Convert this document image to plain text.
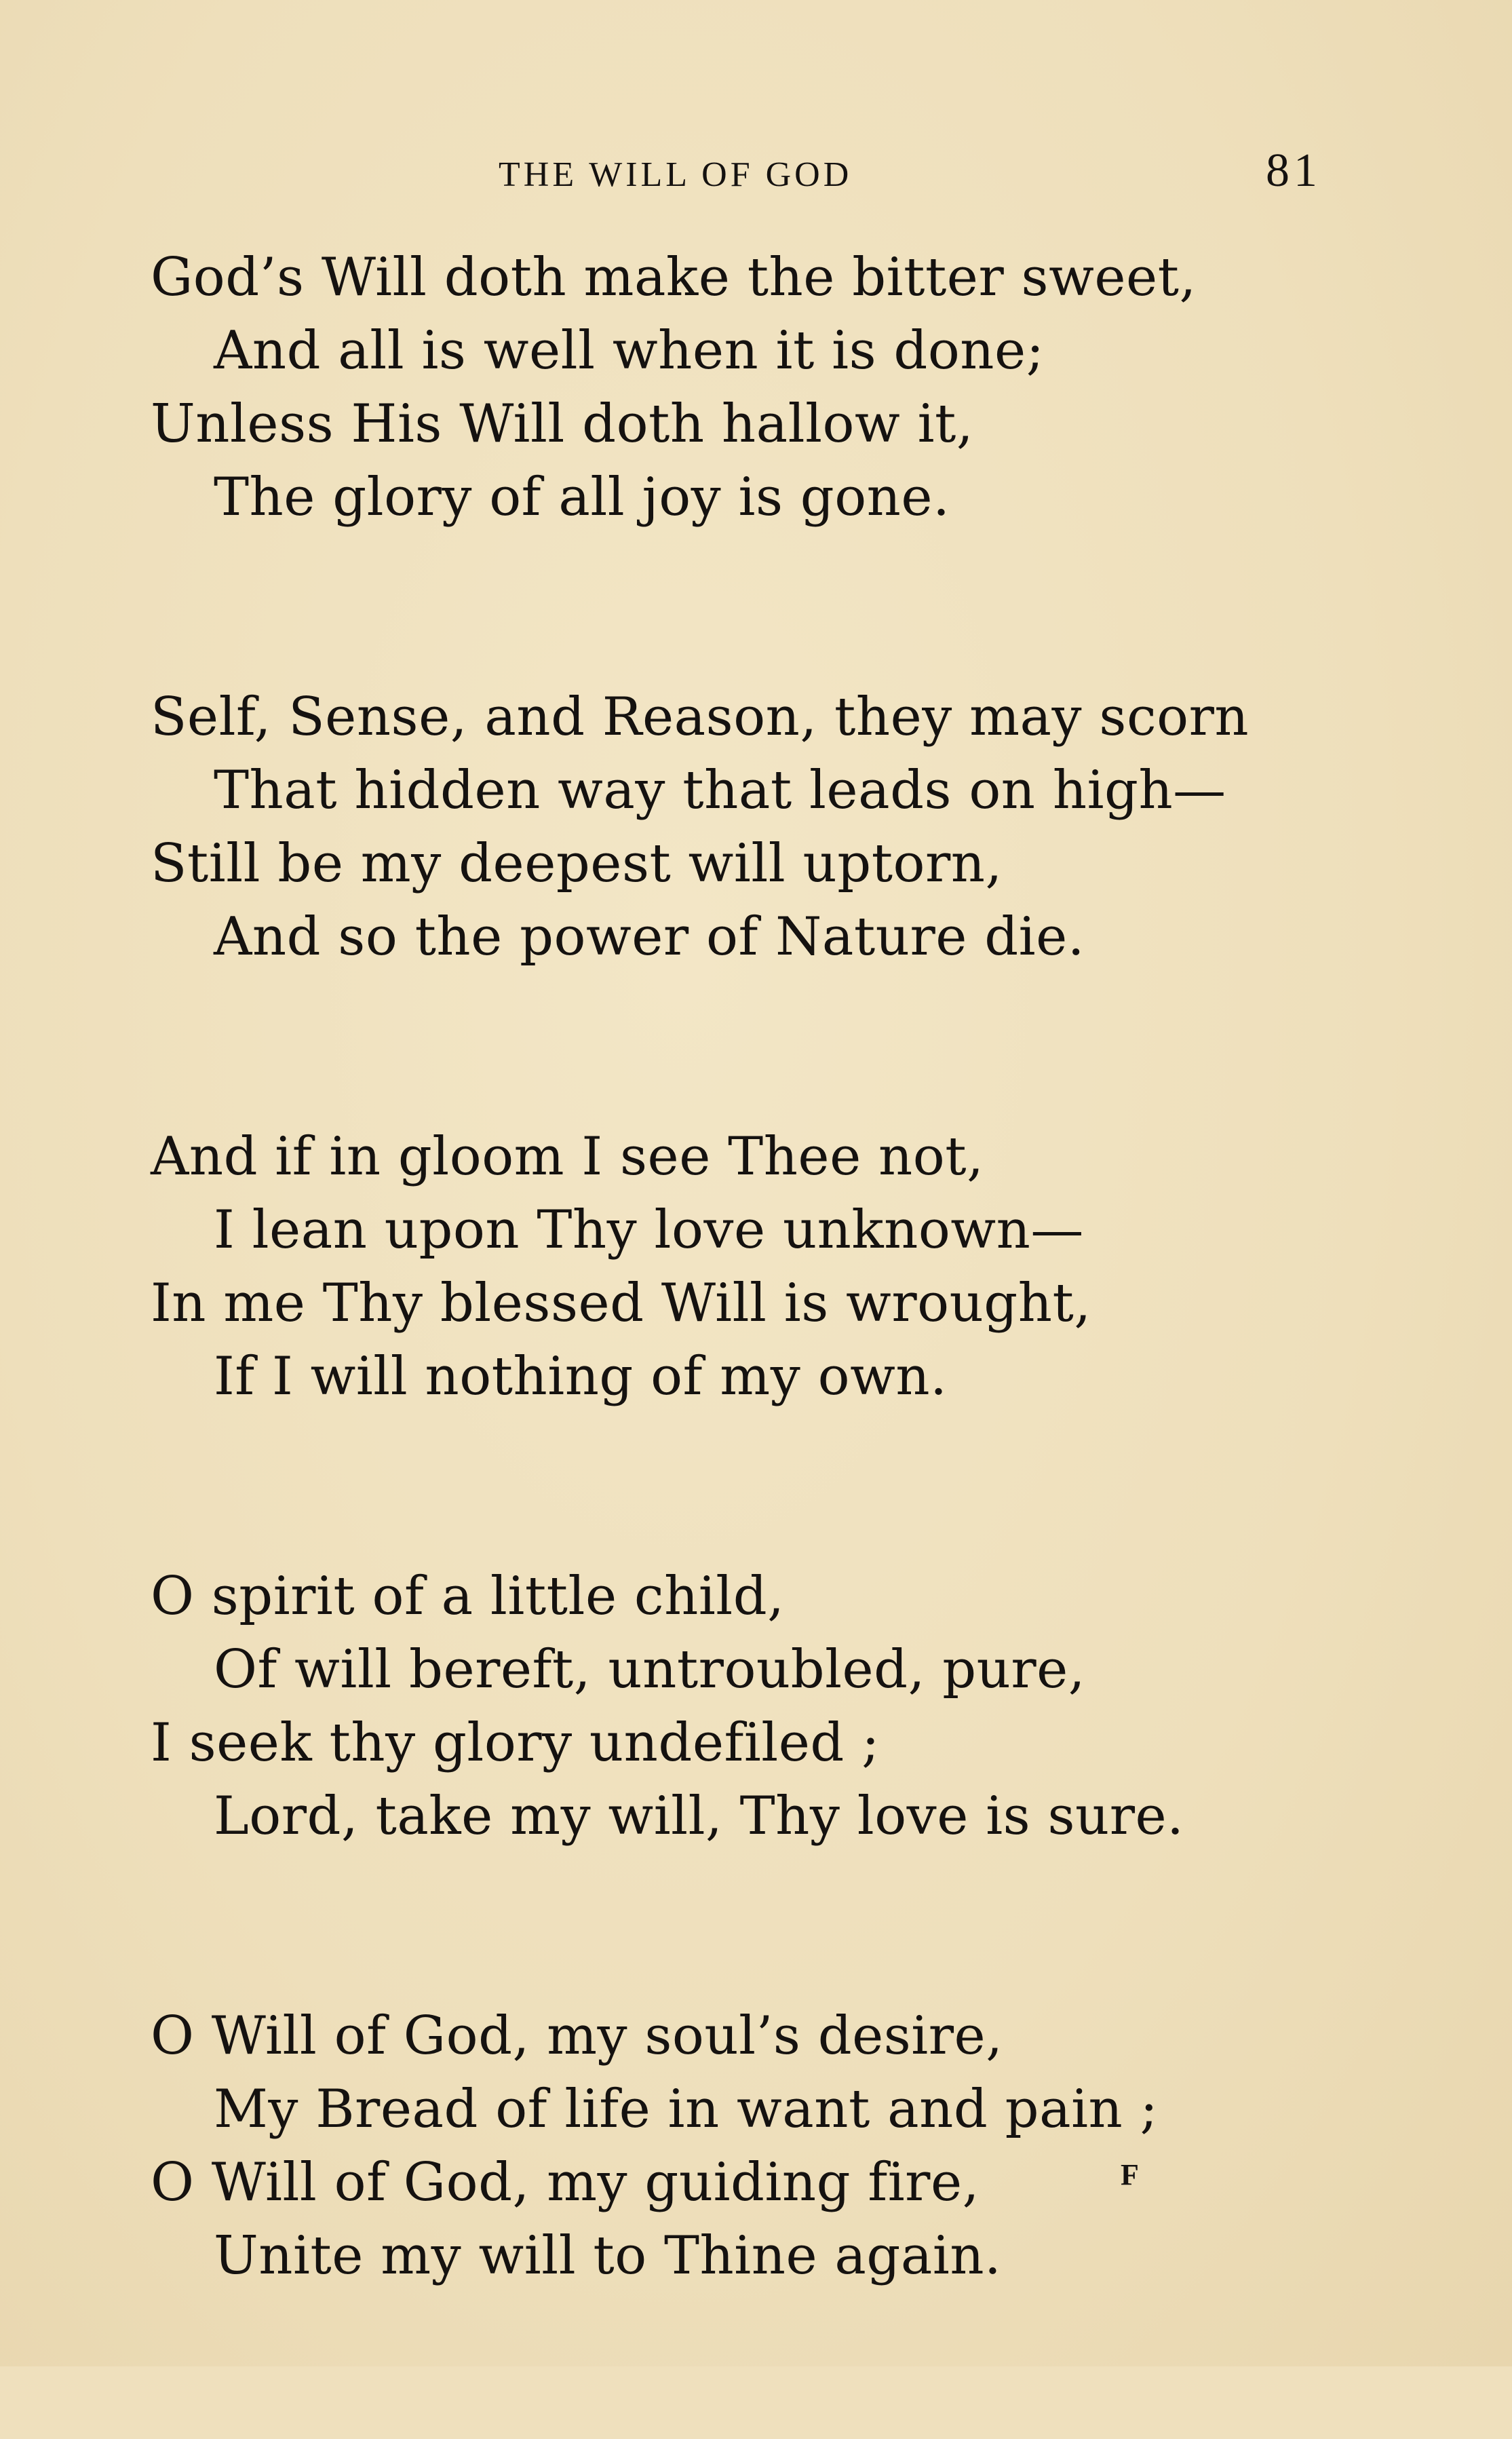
THE WILL OF GOD	81
God’s Will doth make the bitter sweet,
And all is well when it is done;
Unless His Will doth hallow it,
The glory of all joy is gone.
Self, Sense, and Reason, they may scorn
That hidden way that leads on high—
Still be my deepest will uptorn,
And so the power of Nature die.
And if in gloom I see Thee not,
I lean upon Thy love unknown—
In me Thy blessed Will is wrought,
If I will nothing of my own.
O spirit of a little child,
Of will bereft, untroubled, pure,
I seek thy glory undefiled ;
Lord, take my will, Thy love is sure.
O Will of God, my soul’s desire,
My Bread of life in want and pain ;
O Will of God, my guiding fire,
Unite my will to Thine again.
F
